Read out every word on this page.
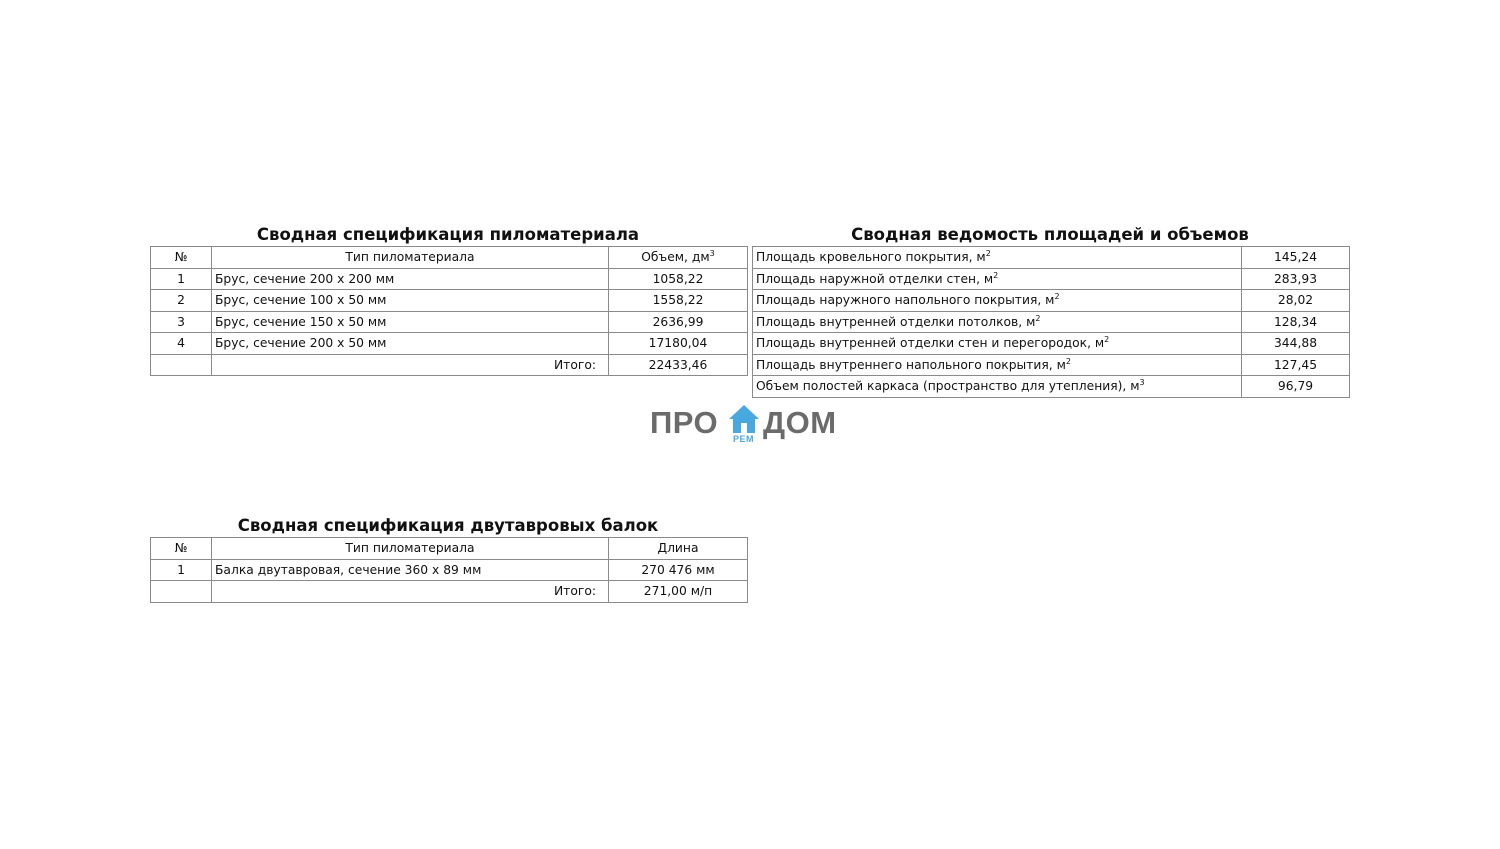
Сводная спецификация пиломатериала
№	Тип пиломатериала	Объем, $дм^3$
1	Брус, сечение 200 х 200 мм	1058,22
2	Брус, сечение 100 х 50 мм	1558,22
3	Брус, сечение 150 х 50 мм	2636,99
4	Брус, сечение 200 х 50 мм	17180,04
	Итого:	22433,46
Сводная ведомость площадей и объемов
Площадь кровельного покрытия, $м^2$	145,24
Площадь наружной отделки стен, $м^2$	283,93
Площадь наружного напольного покрытия, $м^2$	28,02
Площадь внутренней отделки потолков, $м^2$	128,34
Площадь внутренней отделки стен и перегородок, $м^2$	344,88
Площадь внутреннего напольного покрытия, $м^2$	127,45
Объем полостей каркаса (пространство для утепления), $м^3$	96,79
ПРО РЕМ ДОМ
Сводная спецификация двутавровых балок
№	Тип пиломатериала	Длина
1	Балка двутавровая, сечение 360 х 89 мм	270 476 мм
	Итого:	271,00 м/п
